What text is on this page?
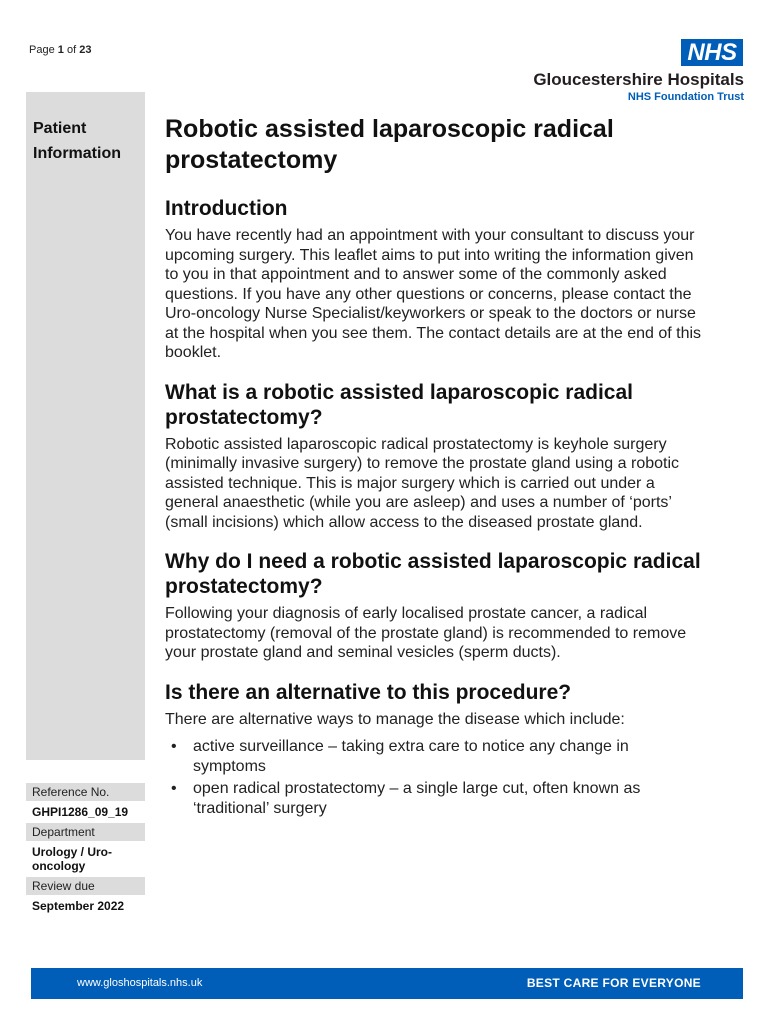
Page 1 of 23	NHS
Gloucestershire Hospitals
NHS Foundation Trust
Patient
Information
Reference No.
GHPI1286_09_19
Department
Urology / Uro-oncology
Review due
September 2022
Robotic assisted laparoscopic radical prostatectomy
Introduction

You have recently had an appointment with your consultant to discuss your upcoming surgery. This leaflet aims to put into writing the information given to you in that appointment and to answer some of the commonly asked questions. If you have any other questions or concerns, please contact the Uro-oncology Nurse Specialist/keyworkers or speak to the doctors or nurse at the hospital when you see them. The contact details are at the end of this booklet.

What is a robotic assisted laparoscopic radical prostatectomy?

Robotic assisted laparoscopic radical prostatectomy is keyhole surgery (minimally invasive surgery) to remove the prostate gland using a robotic assisted technique. This is major surgery which is carried out under a general anaesthetic (while you are asleep) and uses a number of ‘ports’ (small incisions) which allow access to the diseased prostate gland.

Why do I need a robotic assisted laparoscopic radical prostatectomy?

Following your diagnosis of early localised prostate cancer, a radical prostatectomy (removal of the prostate gland) is recommended to remove your prostate gland and seminal vesicles (sperm ducts).

Is there an alternative to this procedure?

There are alternative ways to manage the disease which include:

• active surveillance – taking extra care to notice any change in symptoms
• open radical prostatectomy – a single large cut, often known as ‘traditional’ surgery
www.gloshospitals.nhs.uk	BEST CARE FOR EVERYONE
